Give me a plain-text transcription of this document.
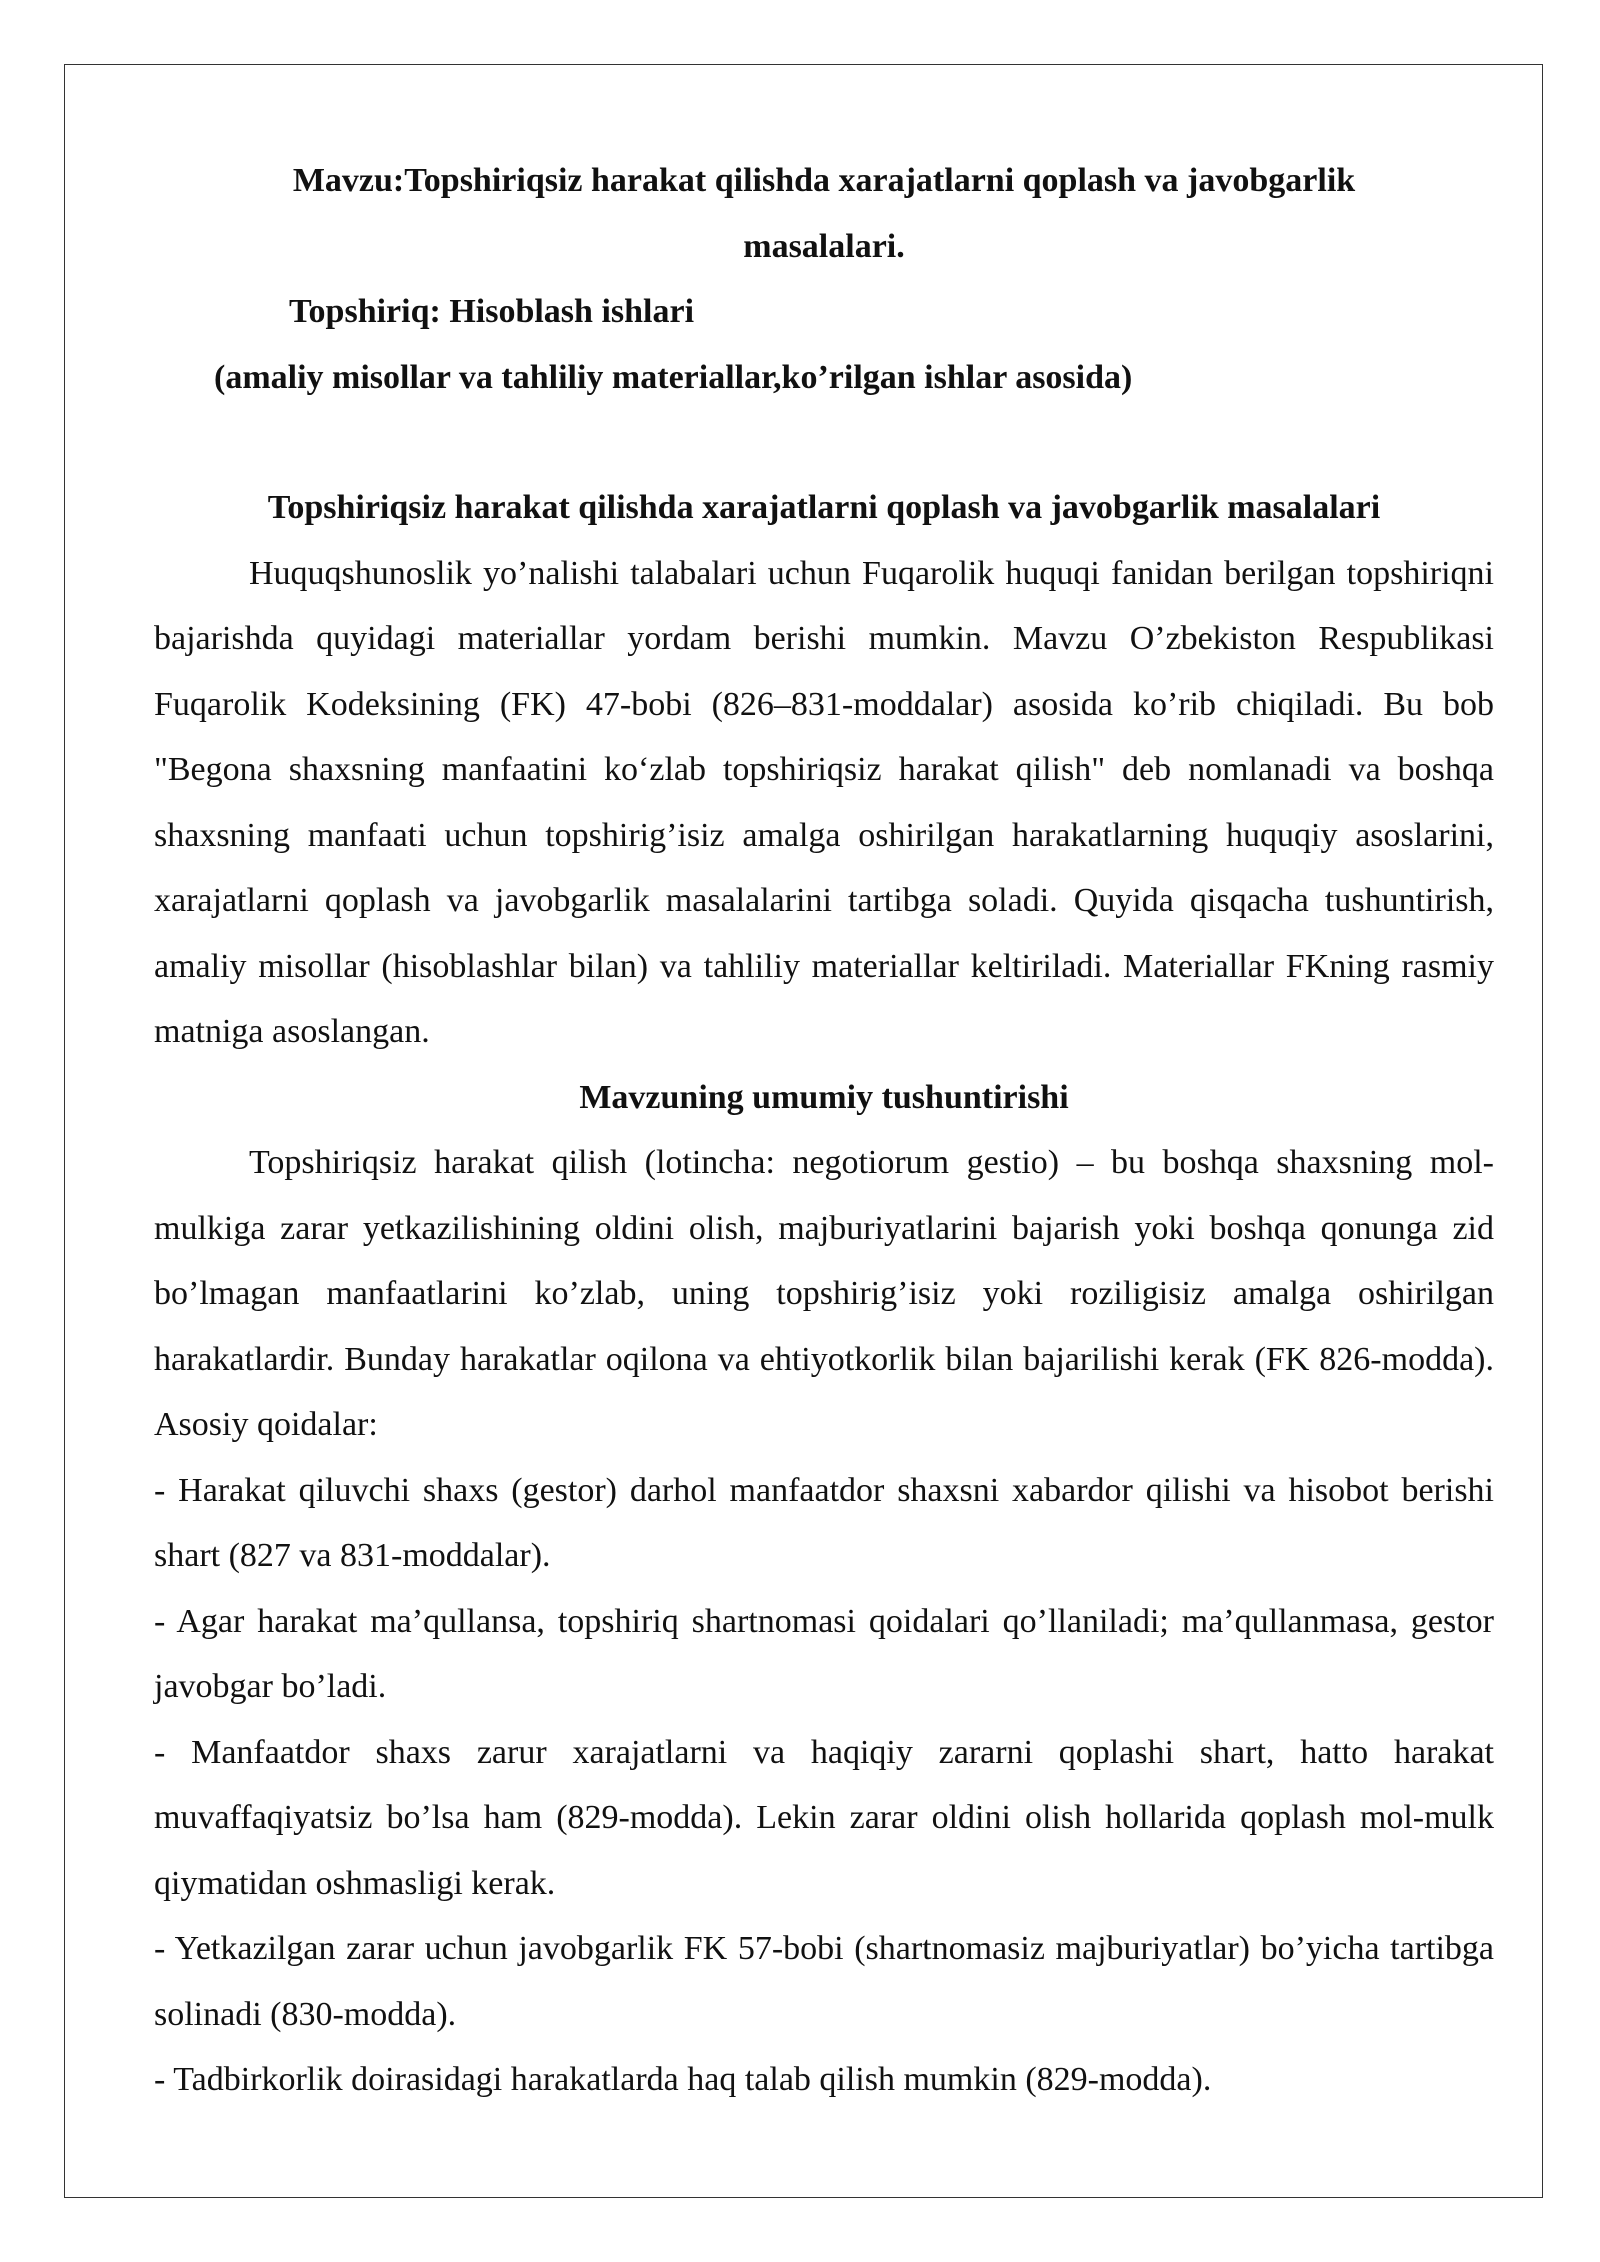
Mavzu:Topshiriqsiz harakat qilishda xarajatlarni qoplash va javobgarlik

masalalari.

Topshiriq: Hisoblash ishlari

(amaliy misollar va tahliliy materiallar,ko’rilgan ishlar asosida)

Topshiriqsiz harakat qilishda xarajatlarni qoplash va javobgarlik masalalari

Huquqshunoslik yo’nalishi talabalari uchun Fuqarolik huquqi fanidan berilgan topshiriqni bajarishda quyidagi materiallar yordam berishi mumkin. Mavzu O’zbekiston Respublikasi Fuqarolik Kodeksining (FK) 47-bobi (826–831-moddalar) asosida ko’rib chiqiladi. Bu bob "Begona shaxsning manfaatini ko‘zlab topshiriqsiz harakat qilish" deb nomlanadi va boshqa shaxsning manfaati uchun topshirig’isiz amalga oshirilgan harakatlarning huquqiy asoslarini, xarajatlarni qoplash va javobgarlik masalalarini tartibga soladi. Quyida qisqacha tushuntirish, amaliy misollar (hisoblashlar bilan) va tahliliy materiallar keltiriladi. Materiallar FKning rasmiy matniga asoslangan.

Mavzuning umumiy tushuntirishi

Topshiriqsiz harakat qilish (lotincha: negotiorum gestio) – bu boshqa shaxsning mol-mulkiga zarar yetkazilishining oldini olish, majburiyatlarini bajarish yoki boshqa qonunga zid bo’lmagan manfaatlarini ko’zlab, uning topshirig’isiz yoki roziligisiz amalga oshirilgan harakatlardir. Bunday harakatlar oqilona va ehtiyotkorlik bilan bajarilishi kerak (FK 826-modda). Asosiy qoidalar:

- Harakat qiluvchi shaxs (gestor) darhol manfaatdor shaxsni xabardor qilishi va hisobot berishi shart (827 va 831-moddalar).

- Agar harakat ma’qullansa, topshiriq shartnomasi qoidalari qo’llaniladi; ma’qullanmasa, gestor javobgar bo’ladi.

- Manfaatdor shaxs zarur xarajatlarni va haqiqiy zararni qoplashi shart, hatto harakat muvaffaqiyatsiz bo’lsa ham (829-modda). Lekin zarar oldini olish hollarida qoplash mol-mulk qiymatidan oshmasligi kerak.

- Yetkazilgan zarar uchun javobgarlik FK 57-bobi (shartnomasiz majburiyatlar) bo’yicha tartibga solinadi (830-modda).

- Tadbirkorlik doirasidagi harakatlarda haq talab qilish mumkin (829-modda).
